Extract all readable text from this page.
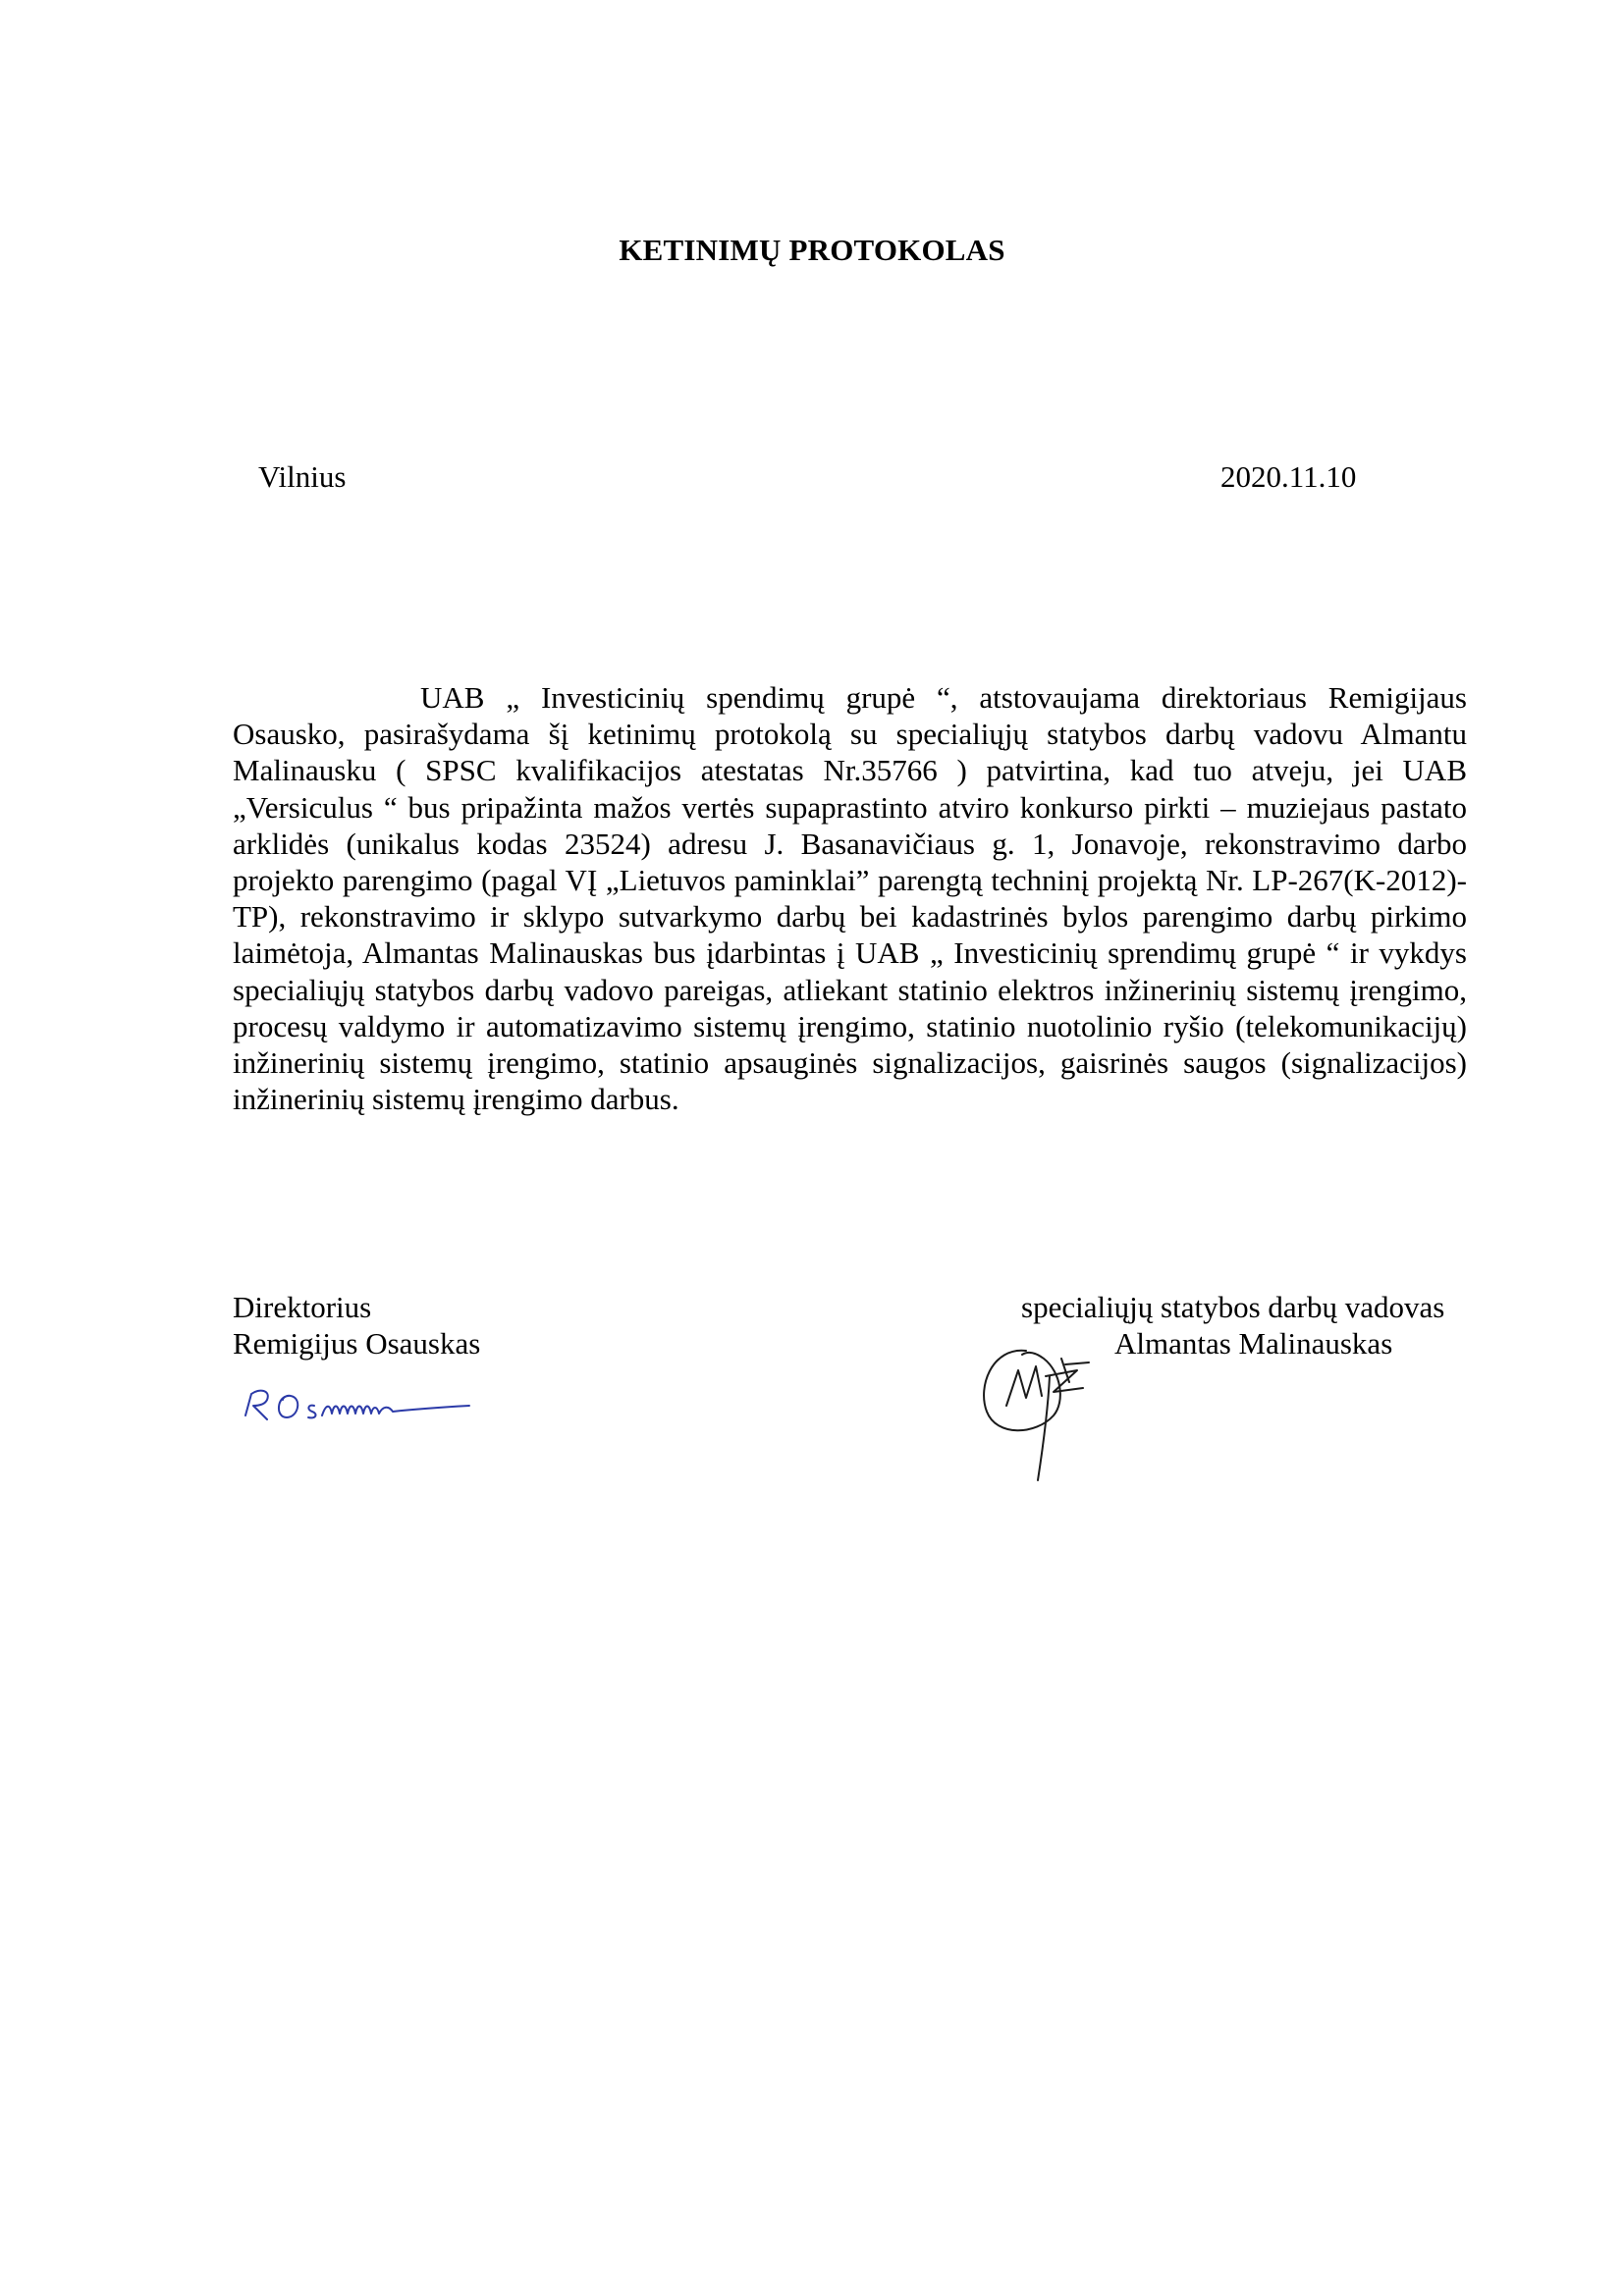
KETINIMŲ PROTOKOLAS
Vilnius	2020.11.10

UAB „ Investicinių spendimų grupė “, atstovaujama direktoriaus Remigijaus Osausko, pasirašydama šį ketinimų protokolą su specialiųjų statybos darbų vadovu Almantu Malinausku ( SPSC kvalifikacijos atestatas Nr.35766 ) patvirtina, kad tuo atveju, jei UAB „Versiculus “ bus pripažinta mažos vertės supaprastinto atviro konkurso pirkti – muziejaus pastato arklidės (unikalus kodas 23524) adresu J. Basanavičiaus g. 1, Jonavoje, rekonstravimo darbo projekto parengimo (pagal VĮ „Lietuvos paminklai” parengtą techninį projektą Nr. LP-267(K-2012)-TP), rekonstravimo ir sklypo sutvarkymo darbų bei kadastrinės bylos parengimo darbų pirkimo laimėtoja, Almantas Malinauskas bus įdarbintas į UAB „ Investicinių sprendimų grupė “ ir vykdys specialiųjų statybos darbų vadovo pareigas, atliekant statinio elektros inžinerinių sistemų įrengimo, procesų valdymo ir automatizavimo sistemų įrengimo, statinio nuotolinio ryšio (telekomunikacijų) inžinerinių sistemų įrengimo, statinio apsauginės signalizacijos, gaisrinės saugos (signalizacijos) inžinerinių sistemų įrengimo darbus.

Direktorius
Remigijus Osauskas
specialiųjų statybos darbų vadovas
Almantas Malinauskas
